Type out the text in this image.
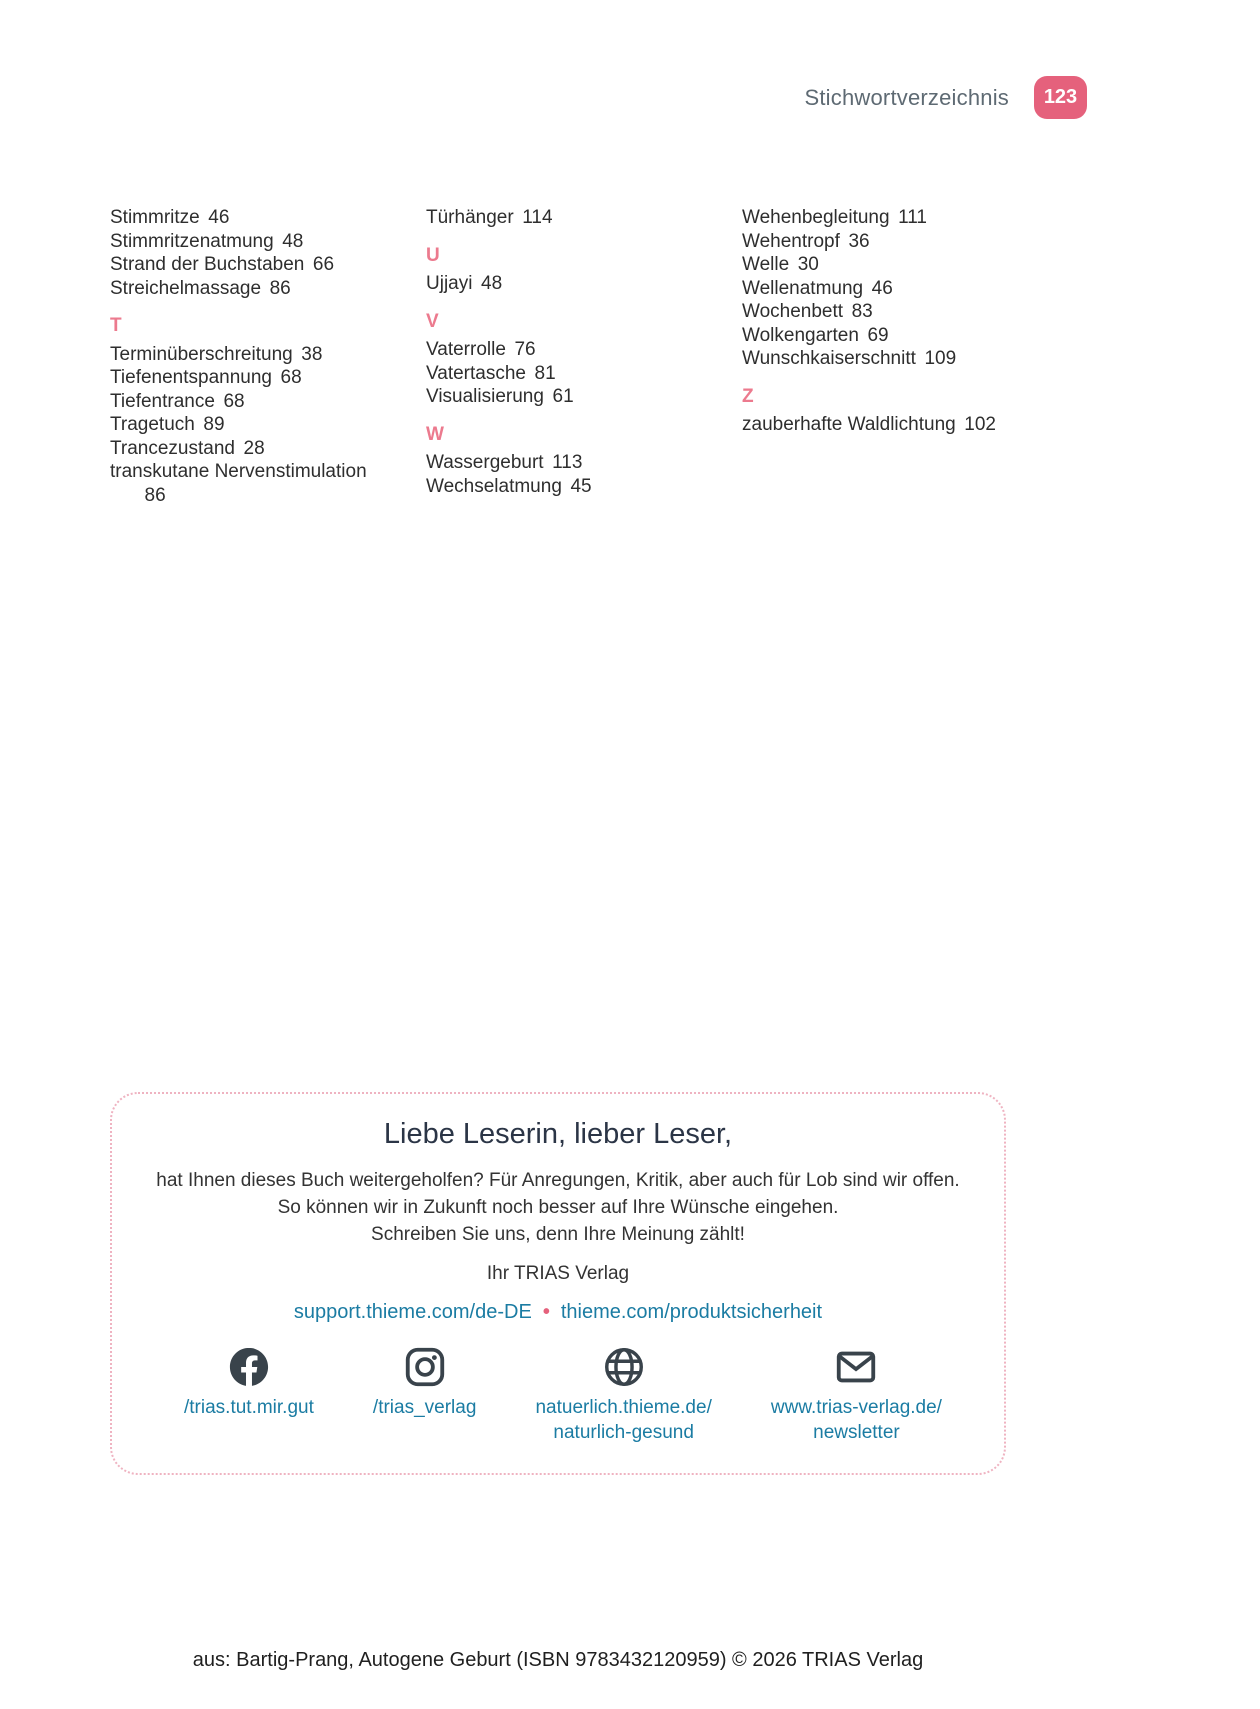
Stichwortverzeichnis	123
Stimmritze 46
Stimmritzenatmung 48
Strand der Buchstaben 66
Streichelmassage 86
T
Terminüberschreitung 38
Tiefenentspannung 68
Tiefentrance 68
Tragetuch 89
Trancezustand 28
transkutane Nervenstimulation
86
Türhänger 114
U
Ujjayi 48
V
Vaterrolle 76
Vatertasche 81
Visualisierung 61
W
Wassergeburt 113
Wechselatmung 45
Wehenbegleitung 111
Wehentropf 36
Welle 30
Wellenatmung 46
Wochenbett 83
Wolkengarten 69
Wunschkaiserschnitt 109
Z
zauberhafte Waldlichtung 102
Liebe Leserin, lieber Leser,
hat Ihnen dieses Buch weitergeholfen? Für Anregungen, Kritik, aber auch für Lob sind wir offen.
So können wir in Zukunft noch besser auf Ihre Wünsche eingehen.
Schreiben Sie uns, denn Ihre Meinung zählt!
Ihr TRIAS Verlag
support.thieme.com/de-DE • thieme.com/produktsicherheit
/trias.tut.mir.gut	/trias_verlag	natuerlich.thieme.de/
naturlich-gesund
www.trias-verlag.de/
newsletter
aus: Bartig-Prang, Autogene Geburt (ISBN 9783432120959) © 2026 TRIAS Verlag
